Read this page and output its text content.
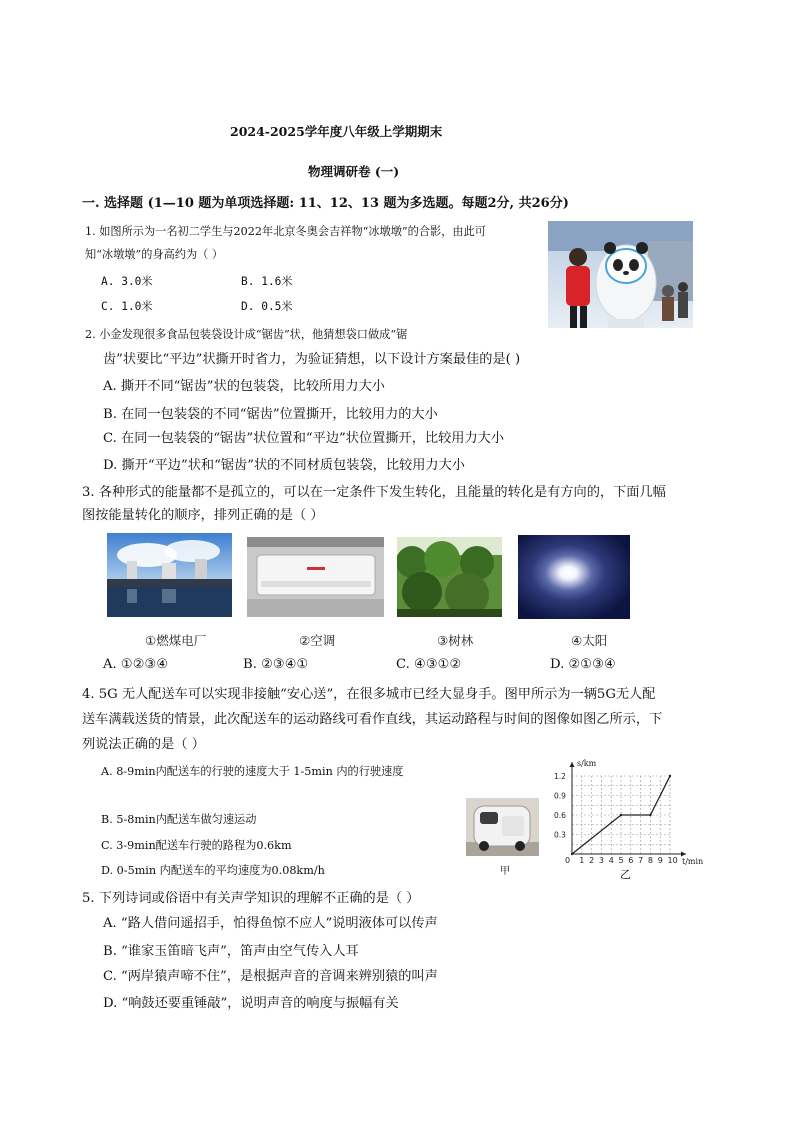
2024-2025学年度八年级上学期期末
物理调研卷 (一)
一. 选择题 (1—10 题为单项选择题: 11、12、13 题为多选题。每题2分, 共26分)
1. 如图所示为一名初二学生与2022年北京冬奥会吉祥物“冰墩墩”的合影，由此可
知“冰墩墩”的身高约为（ ）
A. 3.0米	B. 1.6米
C. 1.0米	D. 0.5米
2. 小金发现很多食品包装袋设计成“锯齿”状，他猜想袋口做成“锯
齿”状要比“平边”状撕开时省力，为验证猜想，以下设计方案最佳的是( )
A. 撕开不同“锯齿”状的包装袋，比较所用力大小
B. 在同一包装袋的不同“锯齿”位置撕开，比较用力的大小
C. 在同一包装袋的“锯齿”状位置和“平边”状位置撕开，比较用力大小
D. 撕开“平边”状和“锯齿”状的不同材质包装袋，比较用力大小
3. 各种形式的能量都不是孤立的，可以在一定条件下发生转化，且能量的转化是有方向的，下面几幅
图按能量转化的顺序，排列正确的是（ ）
①燃煤电厂	②空调	③树林	④太阳
A. ①②③④	B. ②③④①	C. ④③①②	D. ②①③④
4. 5G 无人配送车可以实现非接触“安心送”，在很多城市已经大显身手。图甲所示为一辆5G无人配
送车满载送货的情景，此次配送车的运动路线可看作直线，其运动路程与时间的图像如图乙所示，下
列说法正确的是（ ）
A. 8-9min内配送车的行驶的速度大于 1-5min 内的行驶速度
B. 5-8min内配送车做匀速运动
C. 3-9min配送车行驶的路程为0.6km
D. 0-5min 内配送车的平均速度为0.08km/h	甲
s/km
t/min
0 1 2 3 4 5 6 7 8 9 10
0.3
0.6
0.9
1.2
乙
5. 下列诗词或俗语中有关声学知识的理解不正确的是（ ）
A. “路人借问遥招手，怕得鱼惊不应人”说明液体可以传声
B. “谁家玉笛暗飞声”，笛声由空气传入人耳
C. “两岸猿声啼不住”，是根据声音的音调来辨别猿的叫声
D. “响鼓还要重锤敲”，说明声音的响度与振幅有关
